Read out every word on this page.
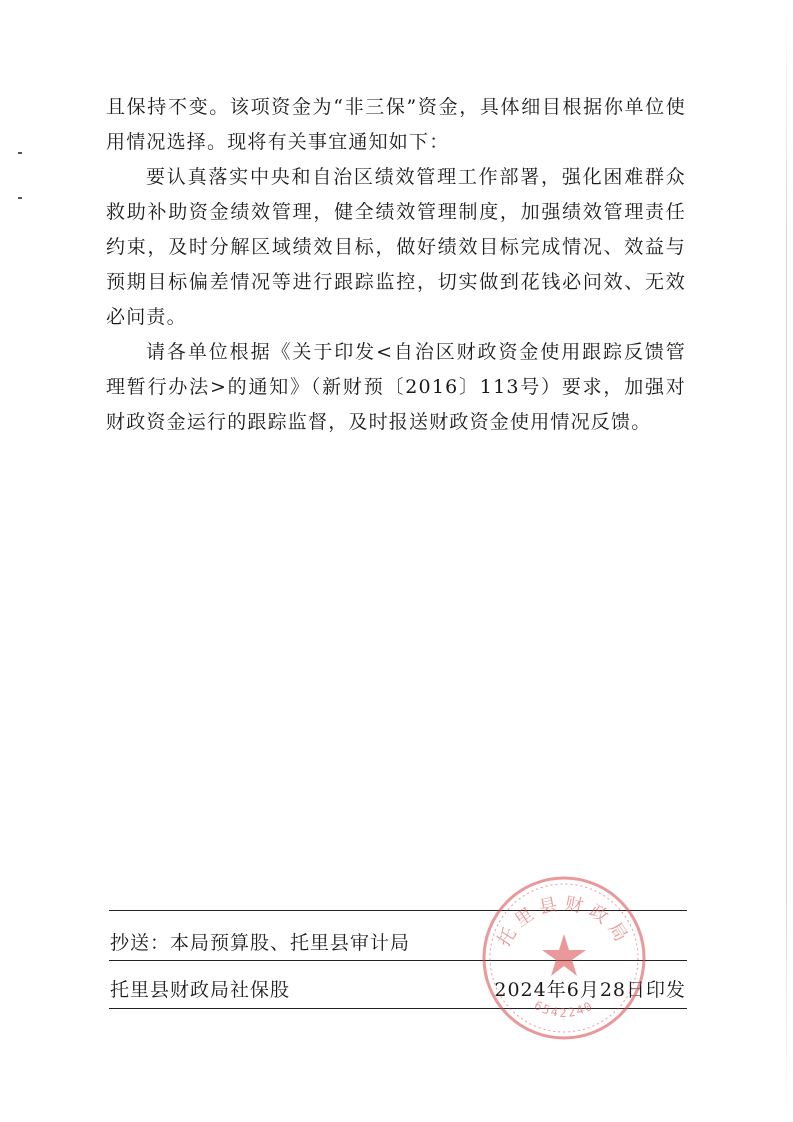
且保持不变。该项资金为“非三保”资金，具体细目根据你单位使用情况选择。现将有关事宜通知如下：

要认真落实中央和自治区绩效管理工作部署，强化困难群众救助补助资金绩效管理，健全绩效管理制度，加强绩效管理责任约束，及时分解区域绩效目标，做好绩效目标完成情况、效益与预期目标偏差情况等进行跟踪监控，切实做到花钱必问效、无效必问责。

请各单位根据《关于印发<自治区财政资金使用跟踪反馈管理暂行办法>的通知》（新财预〔2016〕113号）要求，加强对财政资金运行的跟踪监督，及时报送财政资金使用情况反馈。

抄送：本局预算股、托里县审计局
托里县财政局社保股	2024年6月28日印发
托里县财政局
6542240
